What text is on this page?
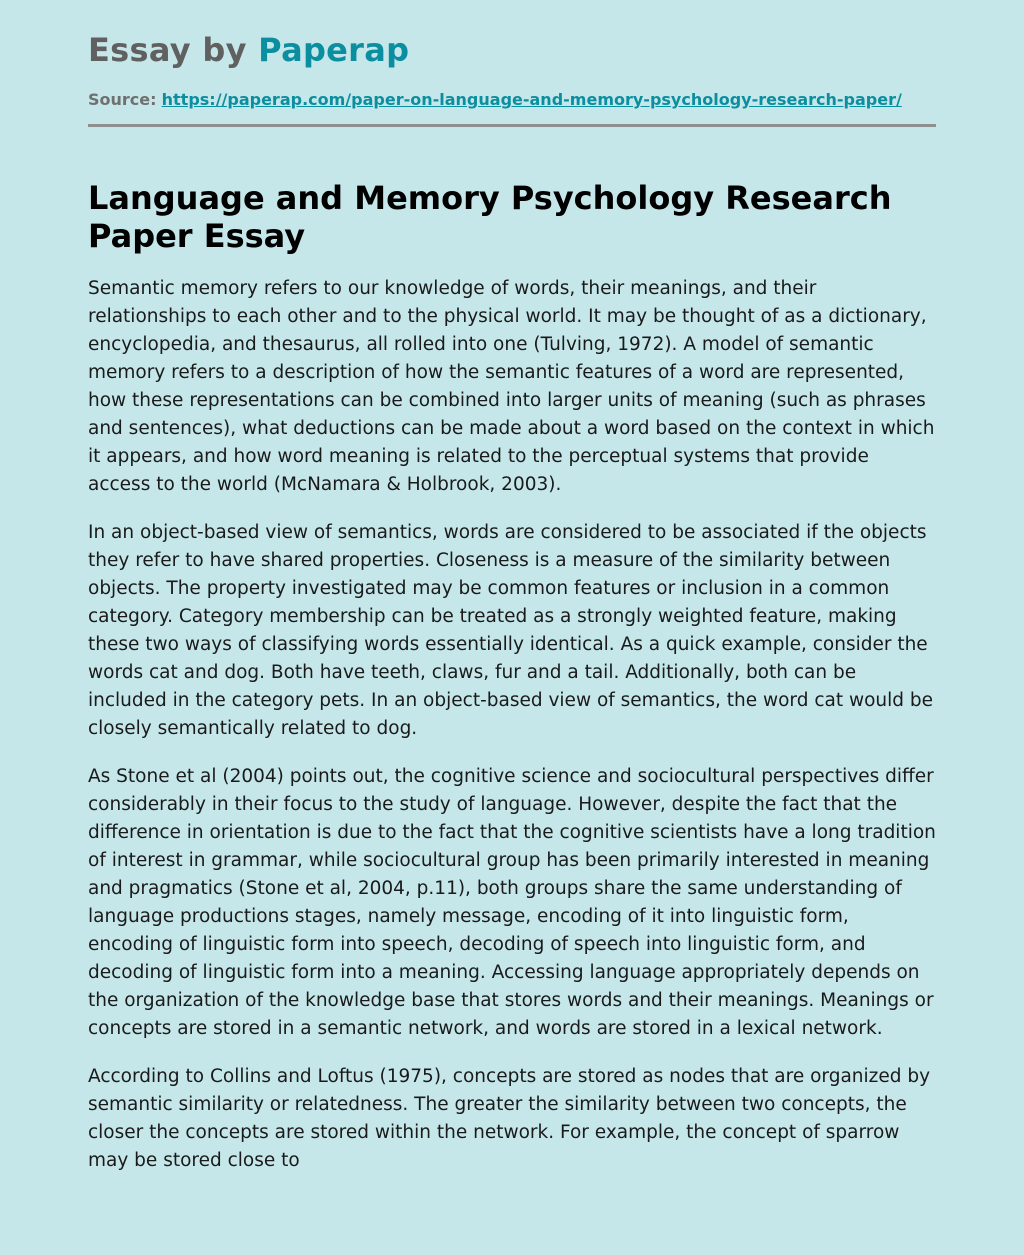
Essay by Paperap
Source: https://paperap.com/paper-on-language-and-memory-psychology-research-paper/
Language and Memory Psychology Research Paper Essay

Semantic memory refers to our knowledge of words, their meanings, and their relationships to each other and to the physical world. It may be thought of as a dictionary, encyclopedia, and thesaurus, all rolled into one (Tulving, 1972). A model of semantic memory refers to a description of how the semantic features of a word are represented, how these representations can be combined into larger units of meaning (such as phrases and sentences), what deductions can be made about a word based on the context in which it appears, and how word meaning is related to the perceptual systems that provide access to the world (McNamara & Holbrook, 2003).

In an object-based view of semantics, words are considered to be associated if the objects they refer to have shared properties. Closeness is a measure of the similarity between objects. The property investigated may be common features or inclusion in a common category. Category membership can be treated as a strongly weighted feature, making these two ways of classifying words essentially identical. As a quick example, consider the words cat and dog. Both have teeth, claws, fur and a tail. Additionally, both can be included in the category pets. In an object-based view of semantics, the word cat would be closely semantically related to dog.

As Stone et al (2004) points out, the cognitive science and sociocultural perspectives differ considerably in their focus to the study of language. However, despite the fact that the difference in orientation is due to the fact that the cognitive scientists have a long tradition of interest in grammar, while sociocultural group has been primarily interested in meaning and pragmatics (Stone et al, 2004, p.11), both groups share the same understanding of language productions stages, namely message, encoding of it into linguistic form, encoding of linguistic form into speech, decoding of speech into linguistic form, and decoding of linguistic form into a meaning. Accessing language appropriately depends on the organization of the knowledge base that stores words and their meanings. Meanings or concepts are stored in a semantic network, and words are stored in a lexical network.

According to Collins and Loftus (1975), concepts are stored as nodes that are organized by semantic similarity or relatedness. The greater the similarity between two concepts, the closer the concepts are stored within the network. For example, the concept of sparrow may be stored close to
